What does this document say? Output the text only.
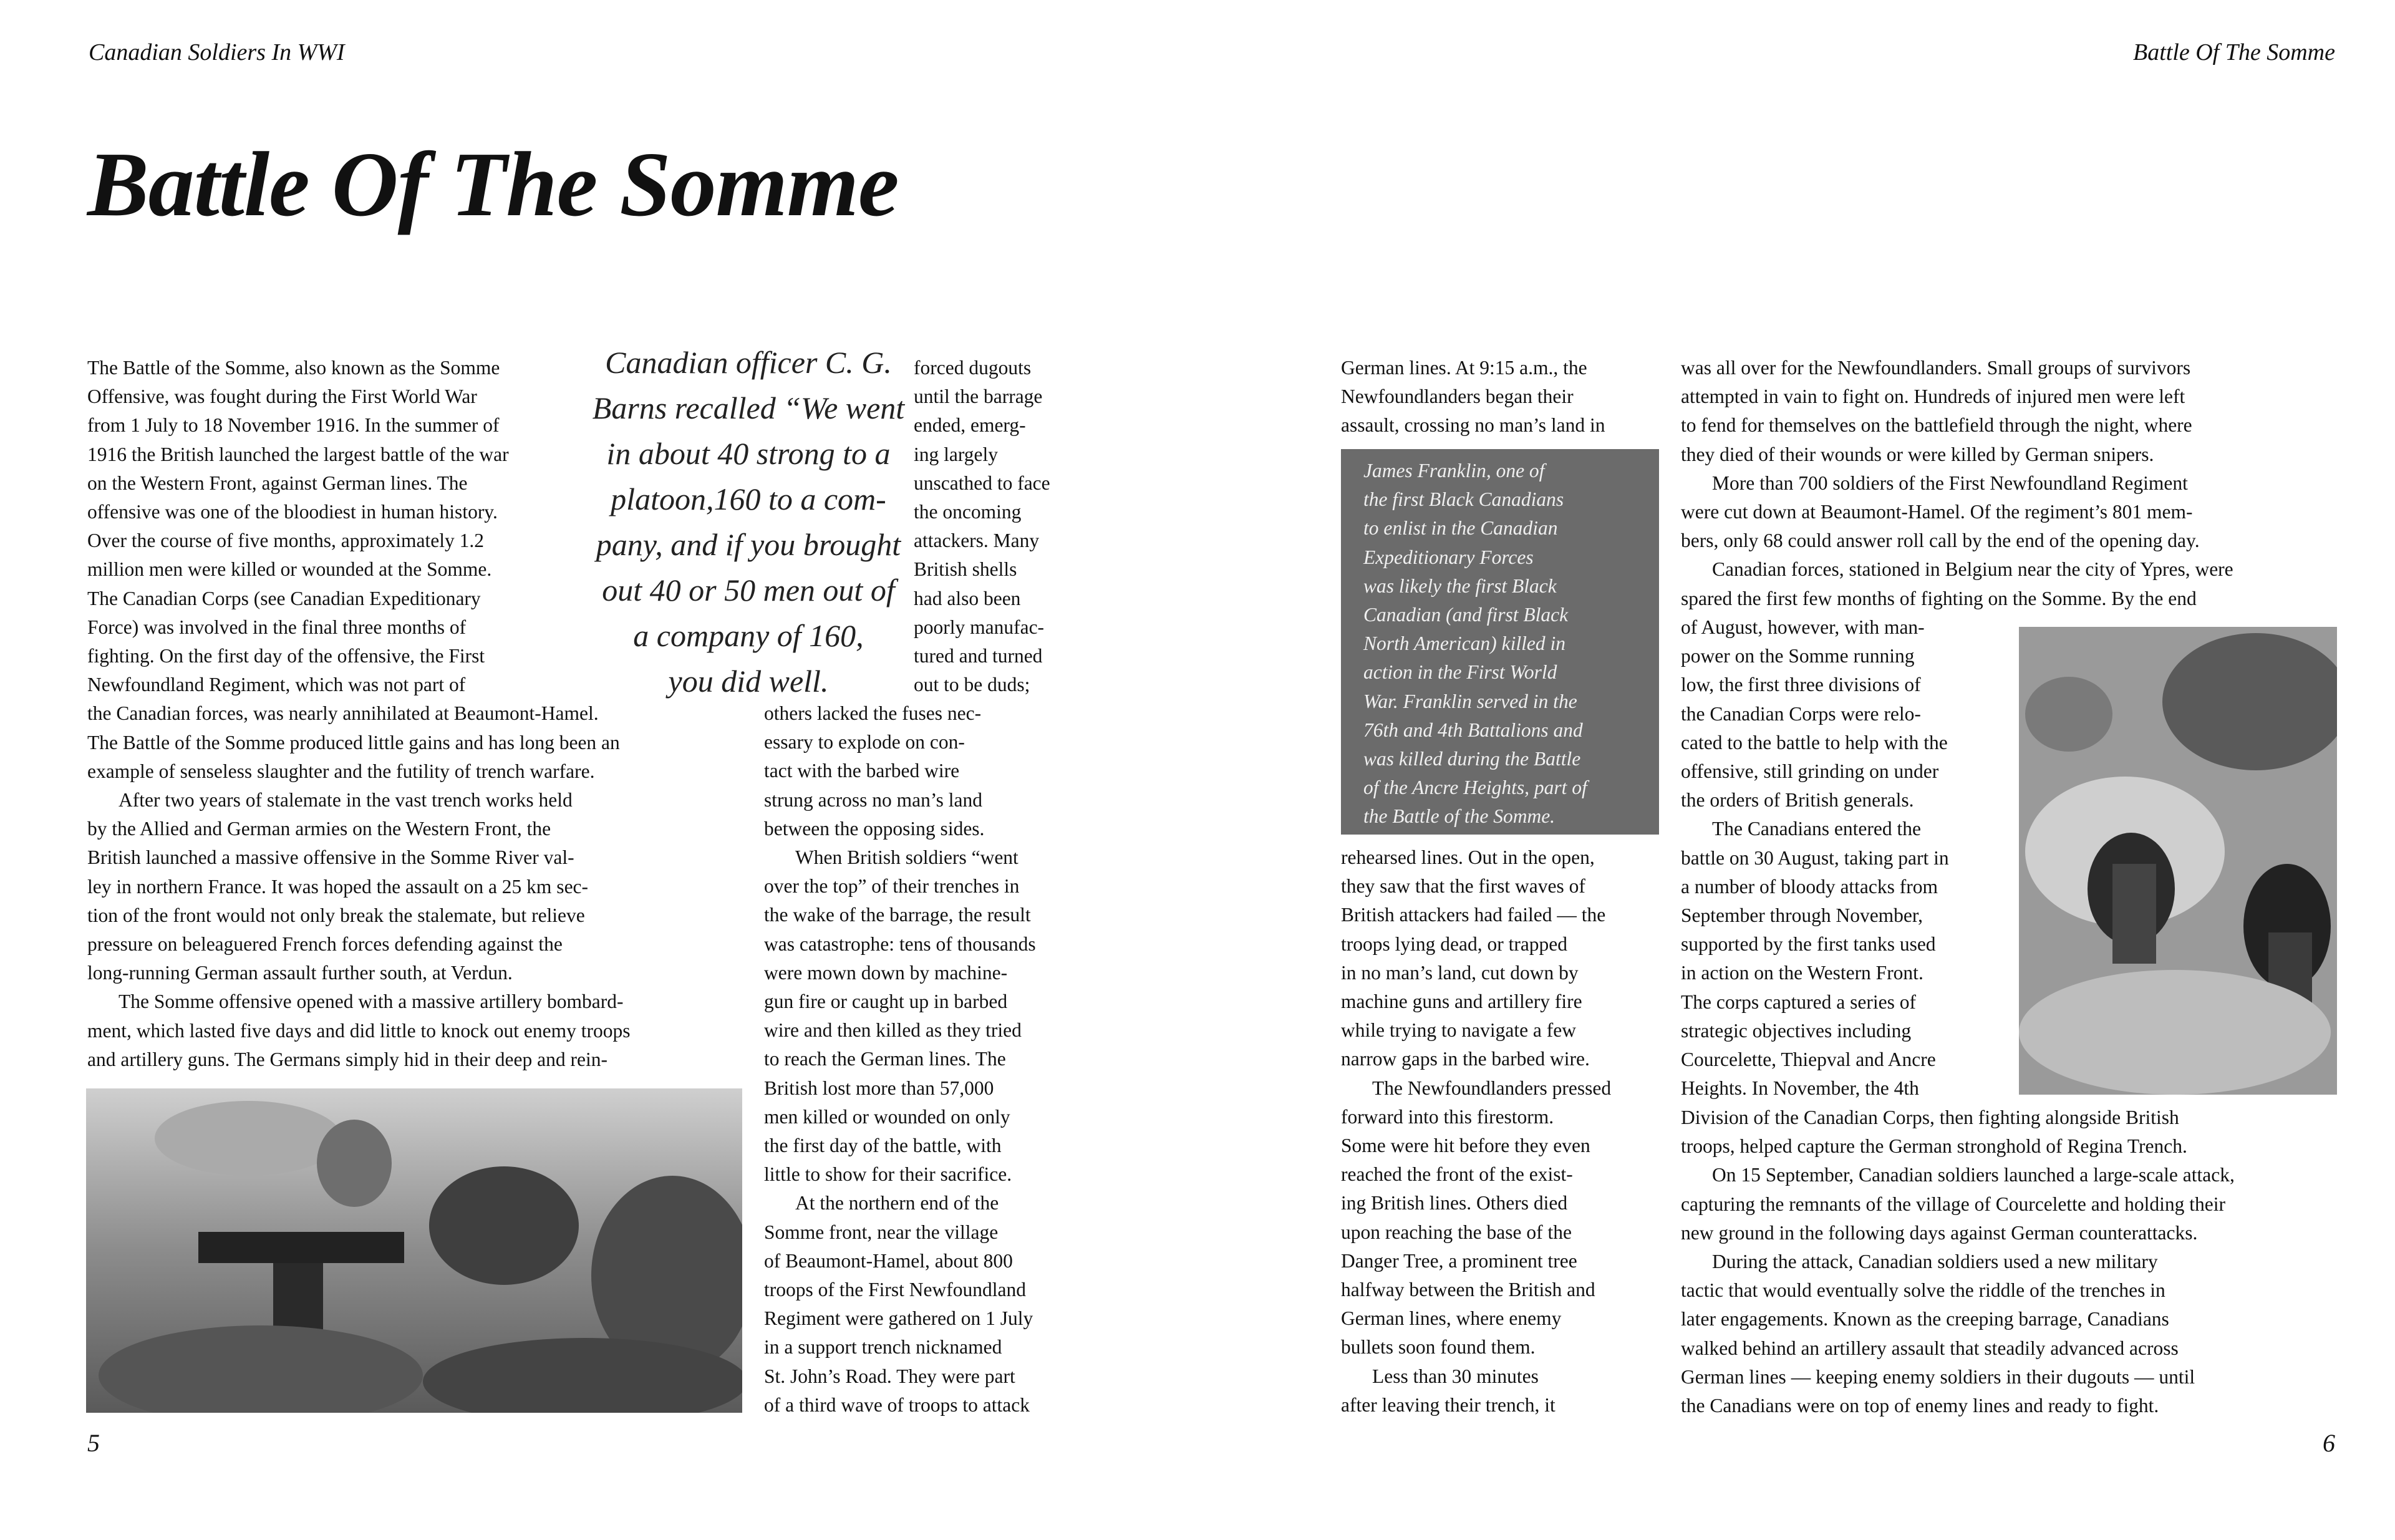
Canadian Soldiers In WWI	Battle Of The Somme
Battle Of The Somme
The Battle of the Somme, also known as the Somme
Offensive, was fought during the First World War
from 1 July to 18 November 1916. In the summer of
1916 the British launched the largest battle of the war
on the Western Front, against German lines. The
offensive was one of the bloodiest in human history.
Over the course of five months, approximately 1.2
million men were killed or wounded at the Somme.
The Canadian Corps (see Canadian Expeditionary
Force) was involved in the final three months of
fighting. On the first day of the offensive, the First
Newfoundland Regiment, which was not part of
the Canadian forces, was nearly annihilated at Beaumont-Hamel.
The Battle of the Somme produced little gains and has long been an
example of senseless slaughter and the futility of trench warfare.
After two years of stalemate in the vast trench works held
by the Allied and German armies on the Western Front, the
British launched a massive offensive in the Somme River val-
ley in northern France. It was hoped the assault on a 25 km sec-
tion of the front would not only break the stalemate, but relieve
pressure on beleaguered French forces defending against the
long-running German assault further south, at Verdun.
The Somme offensive opened with a massive artillery bombard-
ment, which lasted five days and did little to knock out enemy troops
and artillery guns. The Germans simply hid in their deep and rein-
Canadian officer C. G.
Barns recalled “We went
in about 40 strong to a
platoon,160 to a com-
pany, and if you brought
out 40 or 50 men out of
a company of 160,
you did well.
forced dugouts
until the barrage
ended, emerg-
ing largely
unscathed to face
the oncoming
attackers. Many
British shells
had also been
poorly manufac-
tured and turned
out to be duds;
others lacked the fuses nec-
essary to explode on con-
tact with the barbed wire
strung across no man’s land
between the opposing sides.
When British soldiers “went
over the top” of their trenches in
the wake of the barrage, the result
was catastrophe: tens of thousands
were mown down by machine-
gun fire or caught up in barbed
wire and then killed as they tried
to reach the German lines. The
British lost more than 57,000
men killed or wounded on only
the first day of the battle, with
little to show for their sacrifice.
At the northern end of the
Somme front, near the village
of Beaumont-Hamel, about 800
troops of the First Newfoundland
Regiment were gathered on 1 July
in a support trench nicknamed
St. John’s Road. They were part
of a third wave of troops to attack
5
German lines. At 9:15 a.m., the
Newfoundlanders began their
assault, crossing no man’s land in
James Franklin, one of
the first Black Canadians
to enlist in the Canadian
Expeditionary Forces
was likely the first Black
Canadian (and first Black
North American) killed in
action in the First World
War. Franklin served in the
76th and 4th Battalions and
was killed during the Battle
of the Ancre Heights, part of
the Battle of the Somme.
rehearsed lines. Out in the open,
they saw that the first waves of
British attackers had failed — the
troops lying dead, or trapped
in no man’s land, cut down by
machine guns and artillery fire
while trying to navigate a few
narrow gaps in the barbed wire.
The Newfoundlanders pressed
forward into this firestorm.
Some were hit before they even
reached the front of the exist-
ing British lines. Others died
upon reaching the base of the
Danger Tree, a prominent tree
halfway between the British and
German lines, where enemy
bullets soon found them.
Less than 30 minutes
after leaving their trench, it
was all over for the Newfoundlanders. Small groups of survivors
attempted in vain to fight on. Hundreds of injured men were left
to fend for themselves on the battlefield through the night, where
they died of their wounds or were killed by German snipers.
More than 700 soldiers of the First Newfoundland Regiment
were cut down at Beaumont-Hamel. Of the regiment’s 801 mem-
bers, only 68 could answer roll call by the end of the opening day.
Canadian forces, stationed in Belgium near the city of Ypres, were
spared the first few months of fighting on the Somme. By the end
of August, however, with man-
power on the Somme running
low, the first three divisions of
the Canadian Corps were relo-
cated to the battle to help with the
offensive, still grinding on under
the orders of British generals.
The Canadians entered the
battle on 30 August, taking part in
a number of bloody attacks from
September through November,
supported by the first tanks used
in action on the Western Front.
The corps captured a series of
strategic objectives including
Courcelette, Thiepval and Ancre
Heights. In November, the 4th
Division of the Canadian Corps, then fighting alongside British
troops, helped capture the German stronghold of Regina Trench.
On 15 September, Canadian soldiers launched a large-scale attack,
capturing the remnants of the village of Courcelette and holding their
new ground in the following days against German counterattacks.
During the attack, Canadian soldiers used a new military
tactic that would eventually solve the riddle of the trenches in
later engagements. Known as the creeping barrage, Canadians
walked behind an artillery assault that steadily advanced across
German lines — keeping enemy soldiers in their dugouts — until
the Canadians were on top of enemy lines and ready to fight.
6
